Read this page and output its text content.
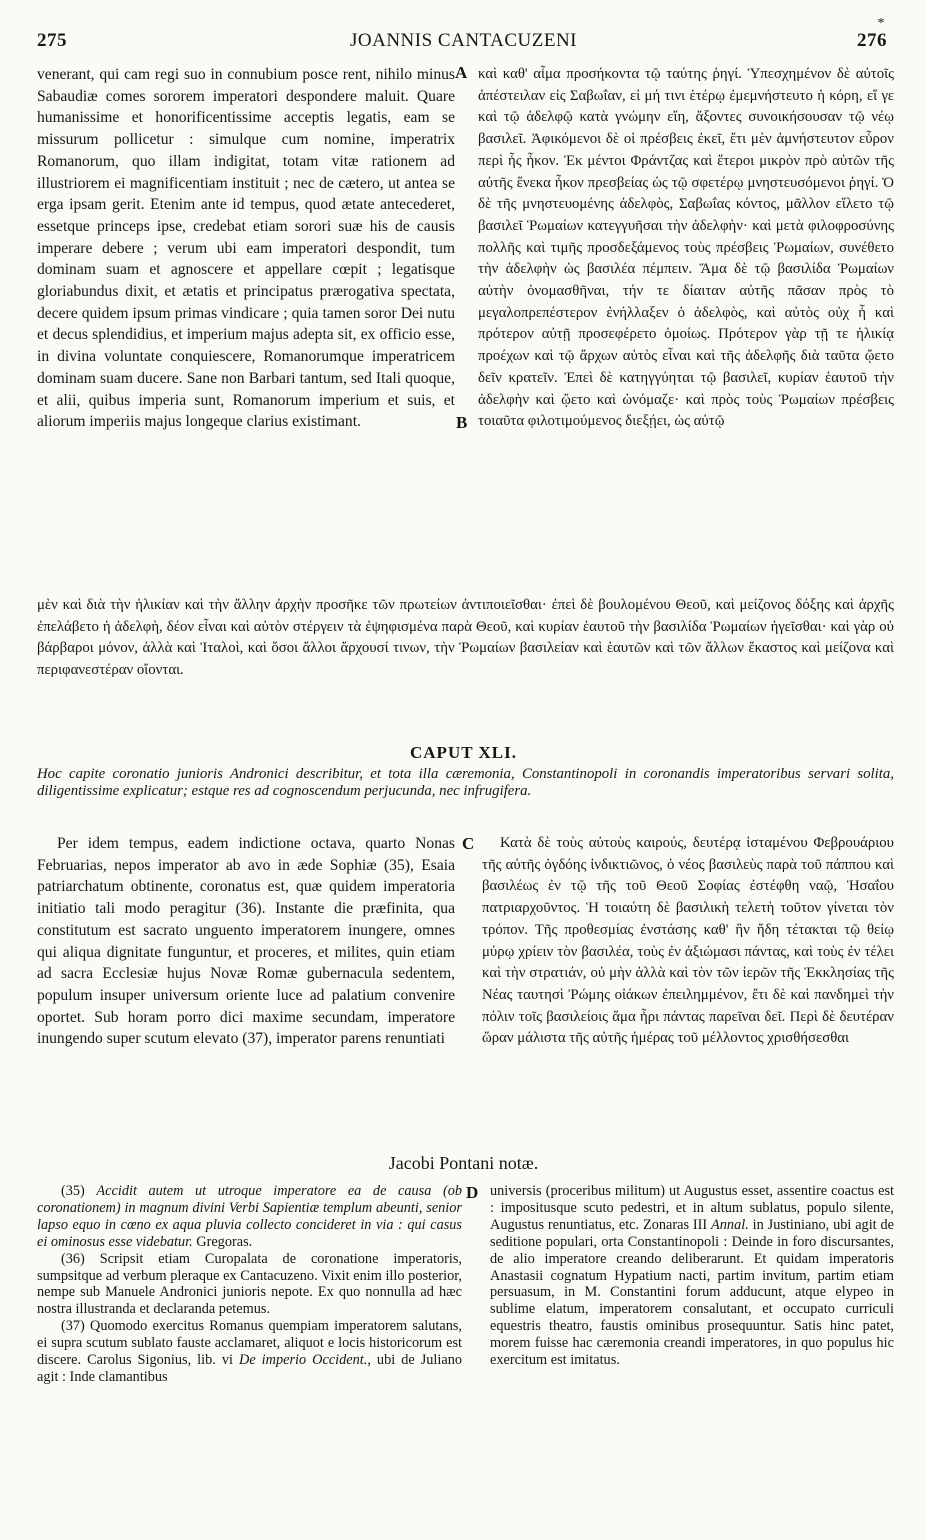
275	JOANNIS CANTACUZENI	276
*

venerant, qui cam regi suo in connubium posce rent, nihilo minus Sabaudiæ comes sororem imperatori despondere maluit. Quare humanissime et honorificentissime acceptis legatis, eam se missurum pollicetur : simulque cum nomine, imperatrix Romanorum, quo illam indigitat, totam vitæ rationem ad illustriorem ei magnificentiam instituit ; nec de cætero, ut antea se erga ipsam gerit. Etenim ante id tempus, quod ætate antecederet, essetque princeps ipse, credebat etiam sorori suæ his de causis imperare debere ; verum ubi eam imperatori despondit, tum dominam suam et agnoscere et appellare cœpit ; legatisque gloriabundus dixit, et ætatis et principatus prærogativa spectata, decere quidem ipsum primas vindicare ; quia tamen soror Dei nutu et decus splendidius, et imperium majus adepta sit, ex officio esse, in divina voluntate conquiescere, Romanorumque imperatricem dominam suam ducere. Sane non Barbari tantum, sed Itali quoque, et alii, quibus imperia sunt, Romanorum imperium et suis, et aliorum imperiis majus longeque clarius existimant.

A
B

καὶ καθ' αἷμα προσήκοντα τῷ ταύτης ῥηγί. Ὑπεσχημένον δὲ αὐτοῖς ἀπέστειλαν εἰς Σαβωΐαν, εἰ μή τινι ἑτέρῳ ἐμεμνήστευτο ἡ κόρη, εἴ γε καὶ τῷ ἀδελφῷ κατὰ γνώμην εἴη, ἄξοντες συνοικήσουσαν τῷ νέῳ βασιλεῖ. Ἀφικόμενοι δὲ οἱ πρέσβεις ἐκεῖ, ἔτι μὲν ἀμνήστευτον εὗρον περὶ ἧς ἧκον. Ἐκ μέντοι Φράντζας καὶ ἕτεροι μικρὸν πρὸ αὐτῶν τῆς αὐτῆς ἕνεκα ἧκον πρεσβείας ὡς τῷ σφετέρῳ μνηστευσόμενοι ῥηγί. Ὁ δὲ τῆς μνηστευομένης ἀδελφὸς, Σαβωΐας κόντος, μᾶλλον εἵλετο τῷ βασιλεῖ Ῥωμαίων κατεγγυῆσαι τὴν ἀδελφὴν· καὶ μετὰ φιλοφροσύνης πολλῆς καὶ τιμῆς προσδεξάμενος τοὺς πρέσβεις Ῥωμαίων, συνέθετο τὴν ἀδελφὴν ὡς βασιλέα πέμπειν. Ἅμα δὲ τῷ βασιλίδα Ῥωμαίων αὐτὴν ὀνομασθῆναι, τήν τε δίαιταν αὐτῆς πᾶσαν πρὸς τὸ μεγαλοπρεπέστερον ἐνήλλαξεν ὁ ἀδελφὸς, καὶ αὐτὸς οὐχ ἧ καὶ πρότερον αὐτῇ προσεφέρετο ὁμοίως. Πρότερον γὰρ τῇ τε ἡλικίᾳ προέχων καὶ τῷ ἄρχων αὐτὸς εἶναι καὶ τῆς ἀδελφῆς διὰ ταῦτα ᾤετο δεῖν κρατεῖν. Ἐπεὶ δὲ κατηγγύηται τῷ βασιλεῖ, κυρίαν ἑαυτοῦ τὴν ἀδελφὴν καὶ ᾤετο καὶ ὠνόμαζε· καὶ πρὸς τοὺς Ῥωμαίων πρέσβεις τοιαῦτα φιλοτιμούμενος διεξῄει, ὡς αὐτῷ

μὲν καὶ διὰ τὴν ἡλικίαν καὶ τὴν ἄλλην ἀρχὴν προσῆκε τῶν πρωτείων ἀντιποιεῖσθαι· ἐπεὶ δὲ βουλομένου Θεοῦ, καὶ μείζονος δόξης καὶ ἀρχῆς ἐπελάβετο ἡ ἀδελφὴ, δέον εἶναι καὶ αὐτὸν στέργειν τὰ ἐψηφισμένα παρὰ Θεοῦ, καὶ κυρίαν ἑαυτοῦ τὴν βασιλίδα Ῥωμαίων ἡγεῖσθαι· καὶ γὰρ οὐ βάρβαροι μόνον, ἀλλὰ καὶ Ἰταλοὶ, καὶ ὅσοι ἄλλοι ἄρχουσί τινων, τὴν Ῥωμαίων βασιλείαν καὶ ἑαυτῶν καὶ τῶν ἄλλων ἕκαστος καὶ μείζονα καὶ περιφανεστέραν οἴονται.

CAPUT XLI.
Hoc capite coronatio junioris Andronici describitur, et tota illa cæremonia, Constantinopoli in coronandis imperatoribus servari solita, diligentissime explicatur; estque res ad cognoscendum perjucunda, nec infrugifera.

Per idem tempus, eadem indictione octava, quarto Nonas Februarias, nepos imperator ab avo in æde Sophiæ (35), Esaia patriarchatum obtinente, coronatus est, quæ quidem imperatoria initiatio tali modo peragitur (36). Instante die præfinita, qua constitutum est sacrato unguento imperatorem inungere, omnes qui aliqua dignitate funguntur, et proceres, et milites, quin etiam ad sacra Ecclesiæ hujus Novæ Romæ gubernacula sedentem, populum insuper universum oriente luce ad palatium convenire oportet. Sub horam porro dici maxime secundam, imperatore inungendo super scutum elevato (37), imperator parens renuntiati

C	Κατὰ δὲ τοὺς αὐτοὺς καιρούς, δευτέρᾳ ἱσταμένου Φεβρουάριου τῆς αὐτῆς ὀγδόης ἰνδικτιῶνος, ὁ νέος βασιλεὺς παρὰ τοῦ πάππου καὶ βασιλέως ἐν τῷ τῆς τοῦ Θεοῦ Σοφίας ἐστέφθη ναῷ, Ἡσαΐου πατριαρχοῦντος. Ἡ τοιαύτη δὲ βασιλικὴ τελετὴ τοῦτον γίνεται τὸν τρόπον. Τῆς προθεσμίας ἐνστάσης καθ' ἣν ἤδη τέτακται τῷ θείῳ μύρῳ χρίειν τὸν βασιλέα, τοὺς ἐν ἀξιώμασι πάντας, καὶ τοὺς ἐν τέλει καὶ τὴν στρατιάν, οὐ μὴν ἀλλὰ καὶ τὸν τῶν ἱερῶν τῆς Ἐκκλησίας τῆς Νέας ταυτησὶ Ῥώμης οἰάκων ἐπειλημμένον, ἔτι δὲ καὶ πανδημεὶ τὴν πόλιν τοῖς βασιλείοις ἅμα ἦρι πάντας παρεῖναι δεῖ. Περὶ δὲ δευτέραν ὥραν μάλιστα τῆς αὐτῆς ἡμέρας τοῦ μέλλοντος χρισθήσεσθαι

Jacobi Pontani notæ.
D

(35) Accidit autem ut utroque imperatore ea de causa (ob coronationem) in magnum divini Verbi Sapientiæ templum abeunti, senior lapso equo in cœno ex aqua pluvia collecto concideret in via : qui casus ei ominosus esse videbatur. Gregoras.

(36) Scripsit etiam Curopalata de coronatione imperatoris, sumpsitque ad verbum pleraque ex Cantacuzeno. Vixit enim illo posterior, nempe sub Manuele Andronici junioris nepote. Ex quo nonnulla ad hæc nostra illustranda et declaranda petemus.

(37) Quomodo exercitus Romanus quempiam imperatorem salutans, ei supra scutum sublato fauste acclamaret, aliquot e locis historicorum est discere. Carolus Sigonius, lib. vi De imperio Occident., ubi de Juliano agit : Inde clamantibus

universis (proceribus militum) ut Augustus esset, assentire coactus est : impositusque scuto pedestri, et in altum sublatus, populo silente, Augustus renuntiatus, etc. Zonaras III Annal. in Justiniano, ubi agit de seditione populari, orta Constantinopoli : Deinde in foro discursantes, de alio imperatore creando deliberarunt. Et quidam imperatoris Anastasii cognatum Hypatium nacti, partim invitum, partim etiam persuasum, in M. Constantini forum adducunt, atque elypeo in sublime elatum, imperatorem consalutant, et occupato curriculi equestris theatro, faustis ominibus prosequuntur. Satis hinc patet, morem fuisse hac cæremonia creandi imperatores, in quo populus hic exercitum est imitatus.
